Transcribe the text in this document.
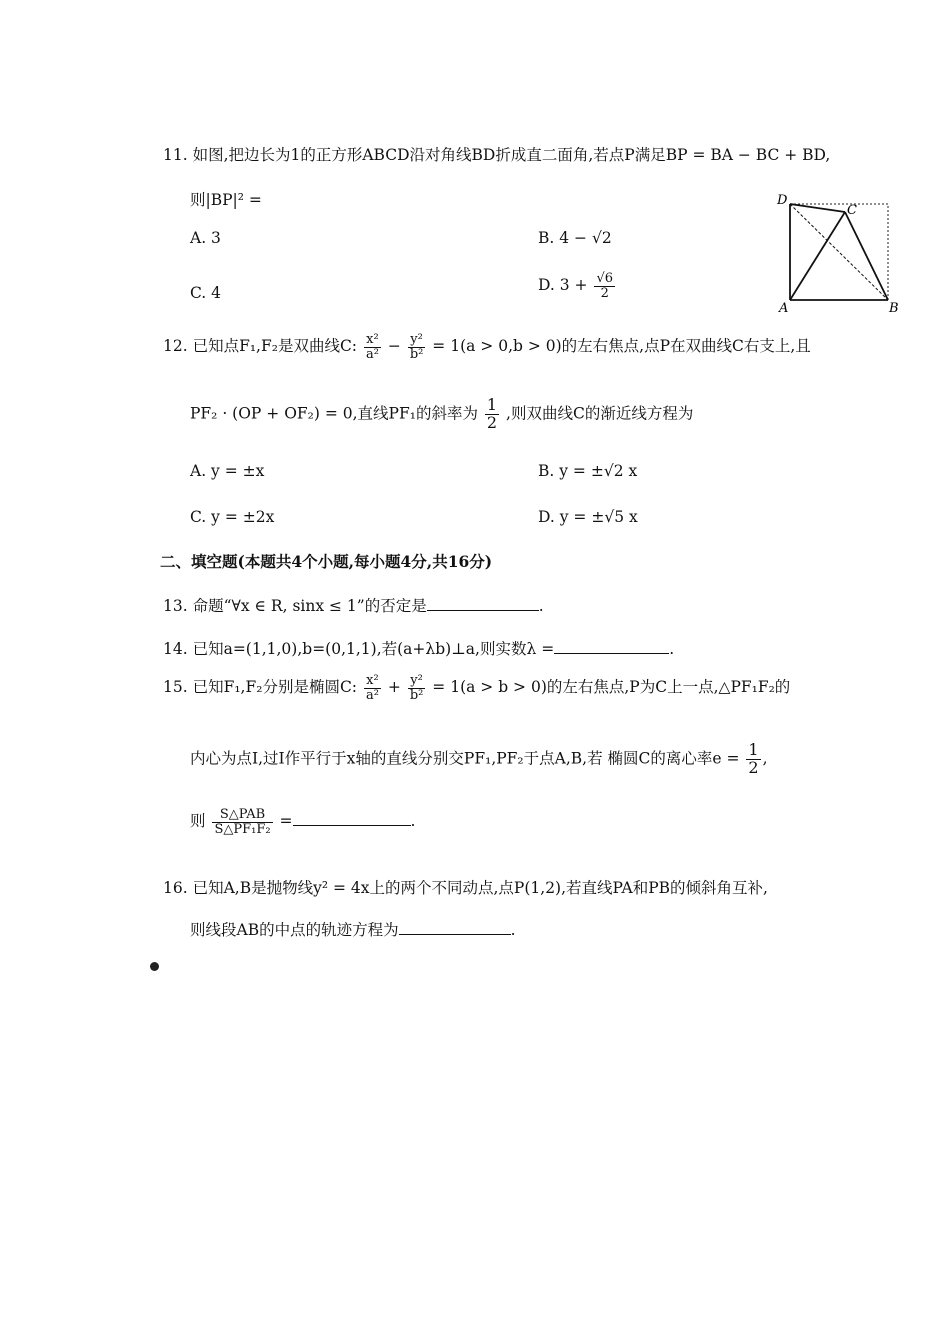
11. 如图,把边长为1的正方形ABCD沿对角线BD折成直二面角,若点P满足BP = BA − BC + BD,
则|BP|² =
A. 3	B. 4 − √2
C. 4	D. $3 + \frac{√6}{2}$
D
C
A	B
12. 已知点F₁,F₂是双曲线C: $\frac{\text{x²}}{\text{a²}} - \frac{\text{y²}}{\text{b²}} = 1(a > 0,b > 0)$的左右焦点,点P在双曲线C右支上,且
PF₂ · (OP + OF₂) = 0,直线PF₁的斜率为 $\frac{1}{2}$ ,则双曲线C的渐近线方程为
A. y = ±x	B. y = ±√2 x
C. y = ±2x	D. y = ±√5 x
二、填空题(本题共4个小题,每小题4分,共16分)
13. 命题“∀x ∈ R, sinx ≤ 1”的否定是	.
14. 已知a=(1,1,0),b=(0,1,1),若(a+λb)⊥a,则实数λ =	.
15. 已知F₁,F₂分别是椭圆C: $\frac{\text{x²}}{\text{a²}} + \frac{\text{y²}}{\text{b²}} = 1(a > b > 0)$的左右焦点,P为C上一点,△PF₁F₂的
内心为点I,过I作平行于x轴的直线分别交PF₁,PF₂于点A,B,若 椭圆C的离心率$e = \frac{1}{2}$ ,
则 $\frac{\text{S△PAB}}{\text{S△PF₁F₂}}$ =	.
16. 已知A,B是抛物线y² = 4x上的两个不同动点,点P(1,2),若直线PA和PB的倾斜角互补,
则线段AB的中点的轨迹方程为	.
